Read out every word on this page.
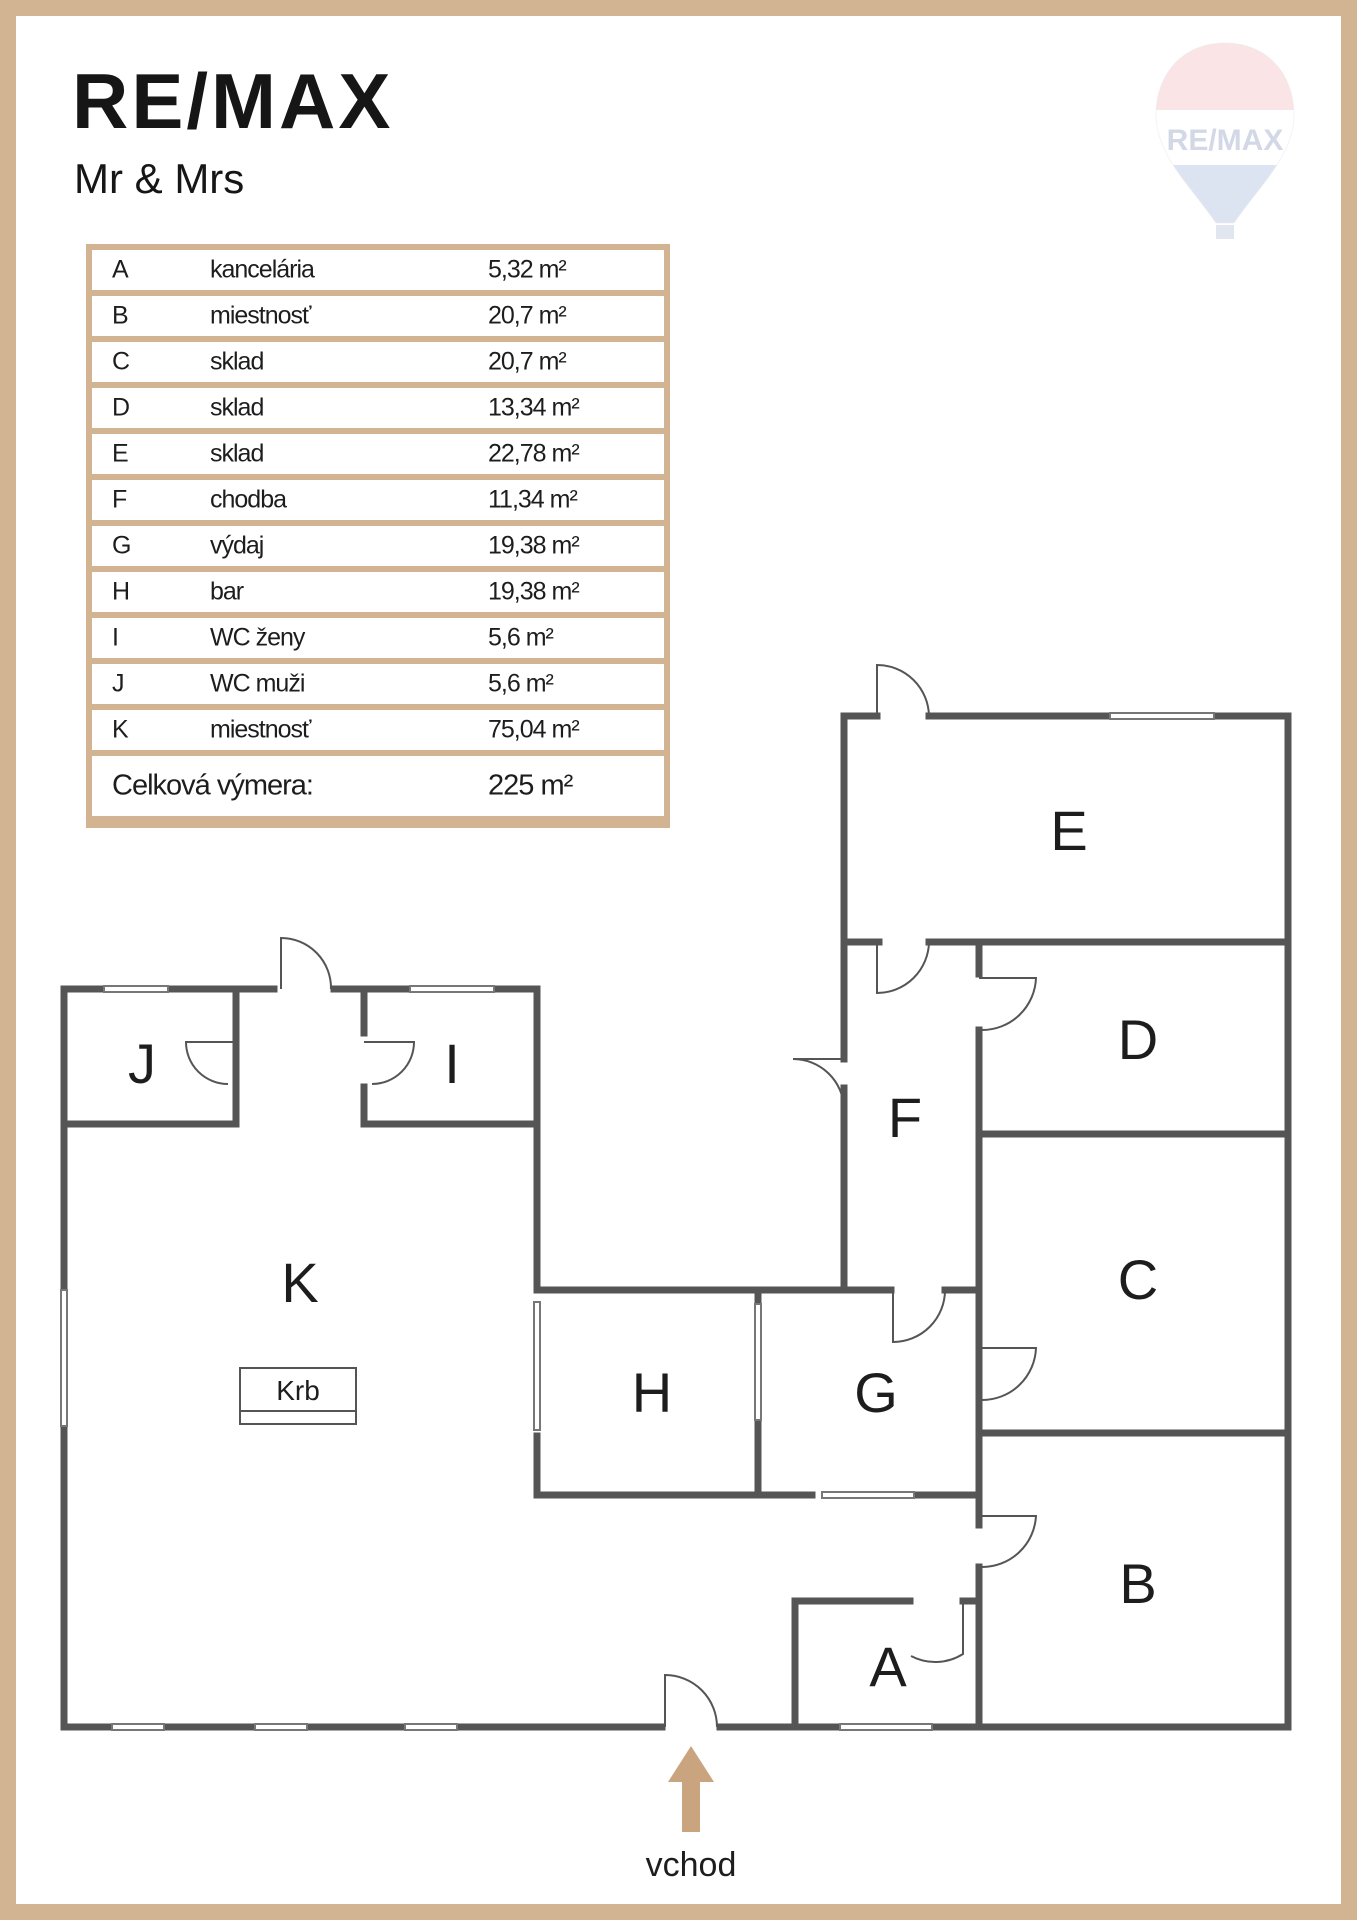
RE/MAX
Mr & Mrs
RE/MAX
A	kancelária	5,32 m²
B	miestnosť	20,7 m²
C	sklad	20,7 m²
D	sklad	13,34 m²
E	sklad	22,78 m²
F	chodba	11,34 m²
G	výdaj	19,38 m²
H	bar	19,38 m²
I	WC ženy	5,6 m²
J	WC muži	5,6 m²
K	miestnosť	75,04 m²
Celková výmera:	225 m²
Krb
J	I
K
H	G
F
E
D
C
B
A
vchod
